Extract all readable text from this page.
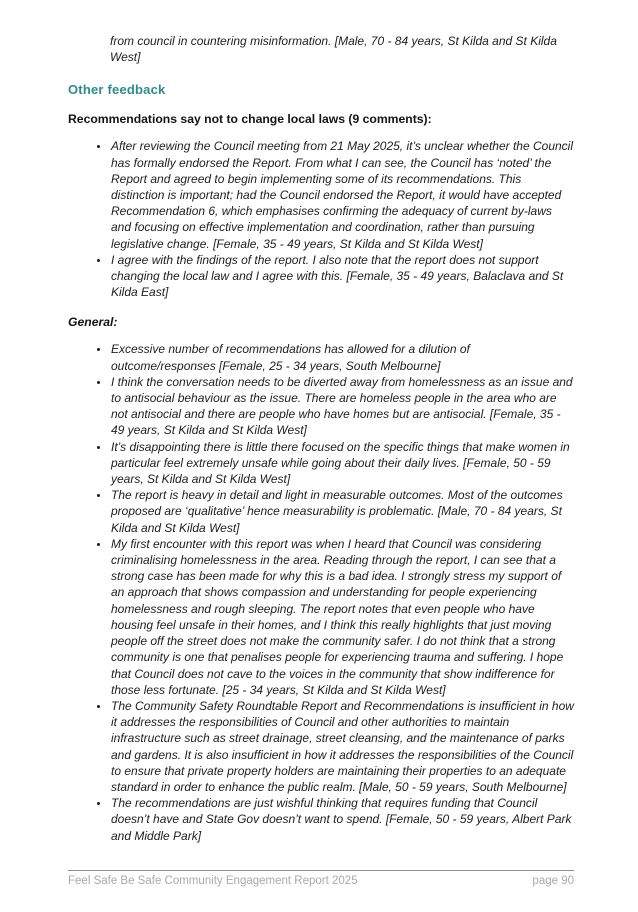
from council in countering misinformation. [Male, 70 - 84 years, St Kilda and St Kilda West]

Other feedback
Recommendations say not to change local laws (9 comments):
• After reviewing the Council meeting from 21 May 2025, it’s unclear whether the Council has formally endorsed the Report. From what I can see, the Council has ‘noted’ the Report and agreed to begin implementing some of its recommendations. This distinction is important; had the Council endorsed the Report, it would have accepted Recommendation 6, which emphasises confirming the adequacy of current by-laws and focusing on effective implementation and coordination, rather than pursuing legislative change. [Female, 35 - 49 years, St Kilda and St Kilda West]
• I agree with the findings of the report. I also note that the report does not support changing the local law and I agree with this. [Female, 35 - 49 years, Balaclava and St Kilda East]
General:
• Excessive number of recommendations has allowed for a dilution of outcome/responses [Female, 25 - 34 years, South Melbourne]
• I think the conversation needs to be diverted away from homelessness as an issue and to antisocial behaviour as the issue. There are homeless people in the area who are not antisocial and there are people who have homes but are antisocial. [Female, 35 - 49 years, St Kilda and St Kilda West]
• It’s disappointing there is little there focused on the specific things that make women in particular feel extremely unsafe while going about their daily lives. [Female, 50 - 59 years, St Kilda and St Kilda West]
• The report is heavy in detail and light in measurable outcomes. Most of the outcomes proposed are ‘qualitative’ hence measurability is problematic. [Male, 70 - 84 years, St Kilda and St Kilda West]
• My first encounter with this report was when I heard that Council was considering criminalising homelessness in the area. Reading through the report, I can see that a strong case has been made for why this is a bad idea. I strongly stress my support of an approach that shows compassion and understanding for people experiencing homelessness and rough sleeping. The report notes that even people who have housing feel unsafe in their homes, and I think this really highlights that just moving people off the street does not make the community safer. I do not think that a strong community is one that penalises people for experiencing trauma and suffering. I hope that Council does not cave to the voices in the community that show indifference for those less fortunate. [25 - 34 years, St Kilda and St Kilda West]
• The Community Safety Roundtable Report and Recommendations is insufficient in how it addresses the responsibilities of Council and other authorities to maintain infrastructure such as street drainage, street cleansing, and the maintenance of parks and gardens. It is also insufficient in how it addresses the responsibilities of the Council to ensure that private property holders are maintaining their properties to an adequate standard in order to enhance the public realm. [Male, 50 - 59 years, South Melbourne]
• The recommendations are just wishful thinking that requires funding that Council doesn’t have and State Gov doesn’t want to spend. [Female, 50 - 59 years, Albert Park and Middle Park]
Feel Safe Be Safe Community Engagement Report 2025	page 90
